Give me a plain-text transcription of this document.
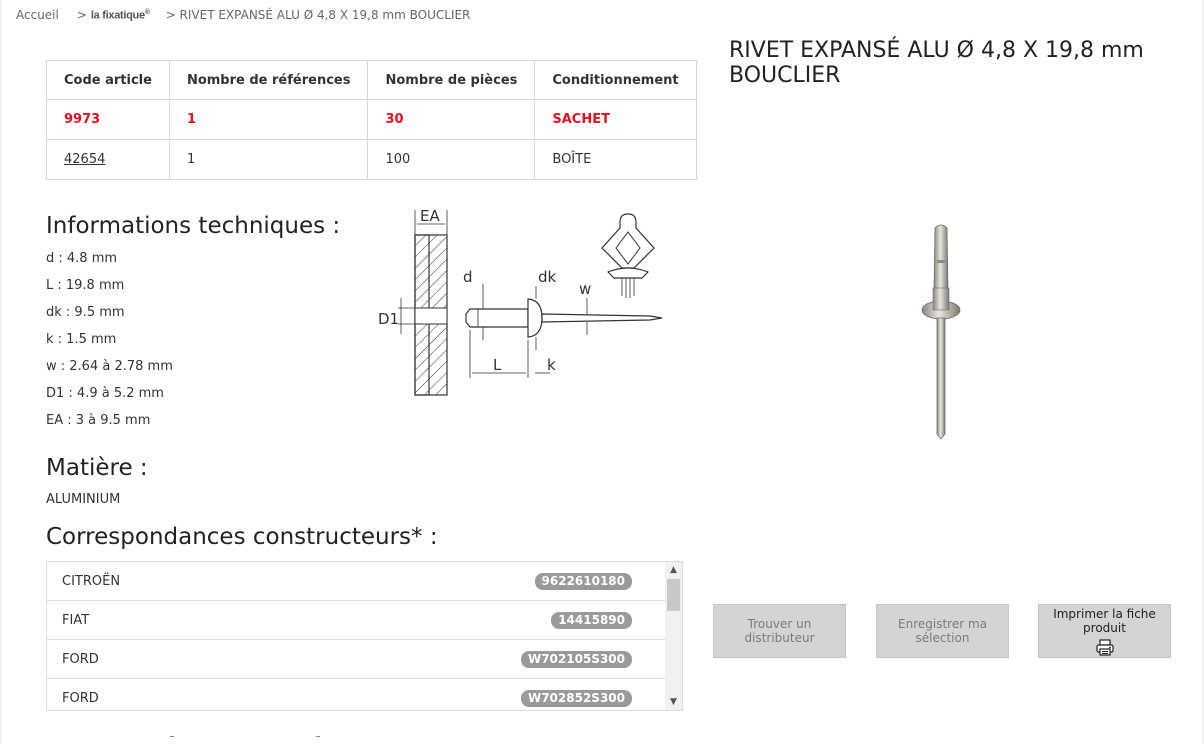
Accueil > la fixatique® > RIVET EXPANSÉ ALU Ø 4,8 X 19,8 mm BOUCLIER
RIVET EXPANSÉ ALU Ø 4,8 X 19,8 mm BOUCLIER
Code article	Nombre de références	Nombre de pièces	Conditionnement
9973	1	30	SACHET
42654	1	100	BOÎTE
Informations techniques :
d : 4.8 mm
L : 19.8 mm
dk : 9.5 mm
k : 1.5 mm
w : 2.64 à 2.78 mm
D1 : 4.9 à 5.2 mm
EA : 3 à 9.5 mm
EA
D1
d	dk
w
L	k
Matière :
ALUMINIUM
Correspondances constructeurs* :
CITROËN	9622610180
FIAT	14415890
FORD	W702105S300
FORD	W702852S300
▲
▼
Trouver un distributeur
Enregistrer ma sélection
Imprimer la fiche produit
